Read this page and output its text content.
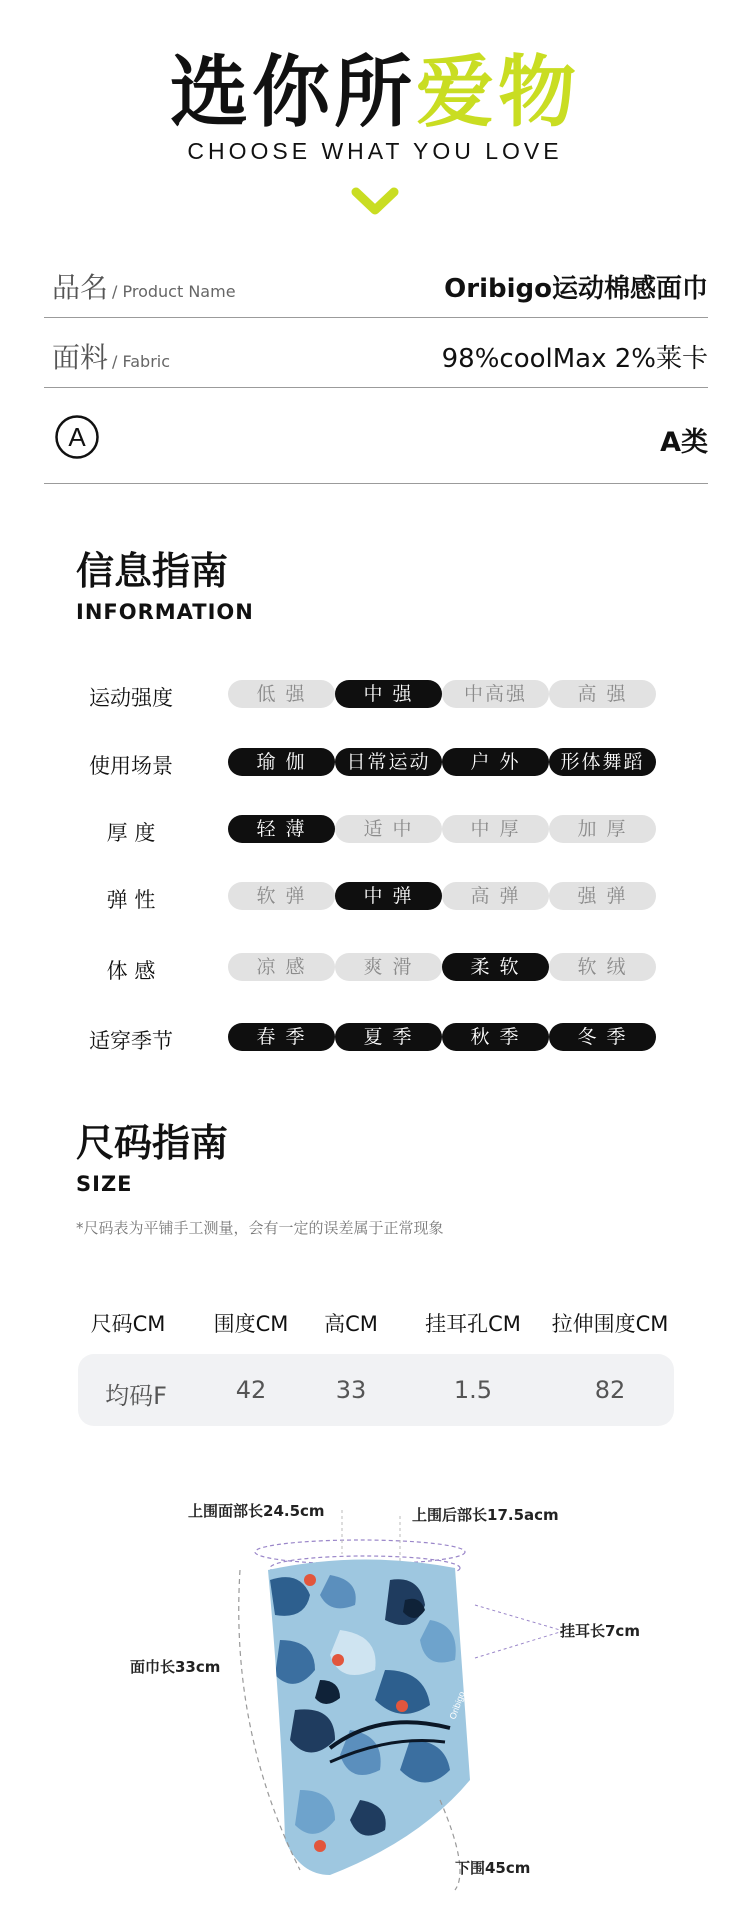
选你所爱物
CHOOSE WHAT YOU LOVE
品名 / Product Name	Oribigo运动棉感面巾
面料 / Fabric	98%coolMax 2%莱卡
A	A类
信息指南
INFORMATION
运动强度	低 强	中 强	中高强	高 强
使用场景	瑜 伽	日常运动	户 外	形体舞蹈
厚 度	轻 薄	适 中	中 厚	加 厚
弹 性	软 弹	中 弹	高 弹	强 弹
体 感	凉 感	爽 滑	柔 软	软 绒
适穿季节	春 季	夏 季	秋 季	冬 季
尺码指南
SIZE
*尺码表为平铺手工测量，会有一定的误差属于正常现象
尺码CM	围度CM	高CM	挂耳孔CM	拉伸围度CM
均码F	42	33	1.5	82
Oribigo
上围面部长24.5cm	上围后部长17.5acm
挂耳长7cm
面巾长33cm
下围45cm
